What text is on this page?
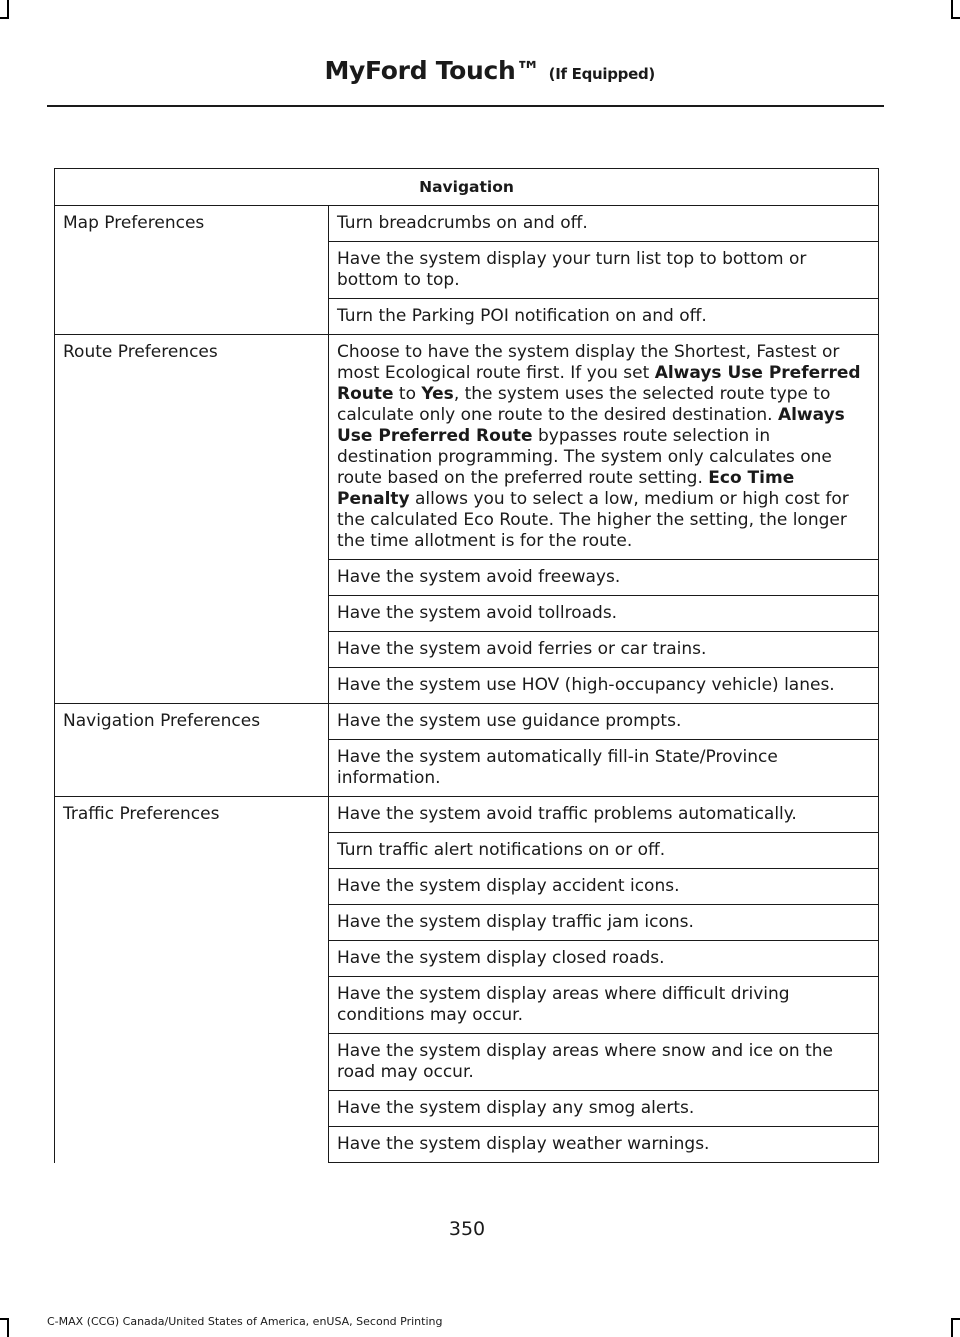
MyFord Touch™ (If Equipped)
Navigation	
Map Preferences	Turn breadcrumbs on and off.
	Have the system display your turn list top to bottom or bottom to top.
	Turn the Parking POI notification on and off.
Route Preferences	Choose to have the system display the Shortest, Fastest or most Ecological route first. If you set Always Use Preferred Route to Yes, the system uses the selected route type to calculate only one route to the desired destination. Always Use Preferred Route bypasses route selection in destination programming. The system only calculates one route based on the preferred route setting. Eco Time Penalty allows you to select a low, medium or high cost for the calculated Eco Route. The higher the setting, the longer the time allotment is for the route.
	Have the system avoid freeways.
	Have the system avoid tollroads.
	Have the system avoid ferries or car trains.
	Have the system use HOV (high-occupancy vehicle) lanes.
Navigation Preferences	Have the system use guidance prompts.
	Have the system automatically fill-in State/Province information.
Traffic Preferences	Have the system avoid traffic problems automatically.
	Turn traffic alert notifications on or off.
	Have the system display accident icons.
	Have the system display traffic jam icons.
	Have the system display closed roads.
	Have the system display areas where difficult driving conditions may occur.
	Have the system display areas where snow and ice on the road may occur.
	Have the system display any smog alerts.
	Have the system display weather warnings.
350
C-MAX (CCG) Canada/United States of America, enUSA, Second Printing
